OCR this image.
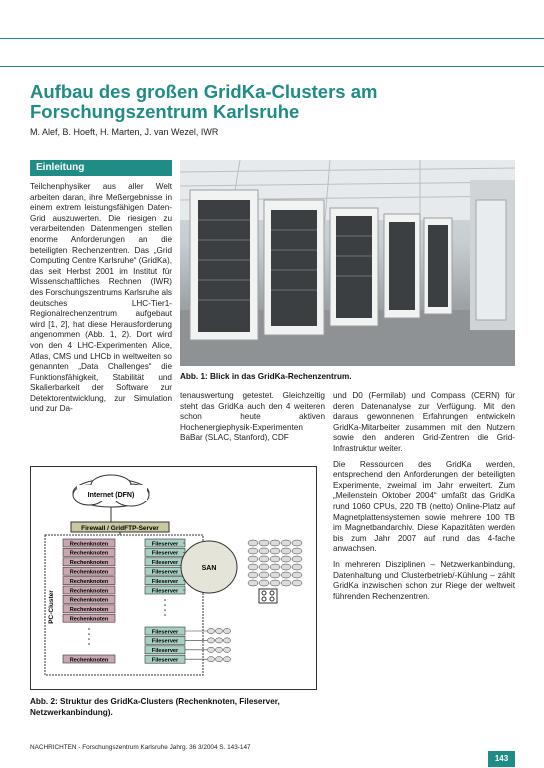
Aufbau des großen GridKa-Clusters am Forschungszentrum Karlsruhe
M. Alef, B. Hoeft, H. Marten, J. van Wezel, IWR
Einleitung

Teilchenphysiker aus aller Welt arbeiten daran, ihre Meßergebnisse in einem extrem leistungsfähigen Daten-Grid auszuwerten. Die riesigen zu verarbeitenden Datenmengen stellen enorme Anforderungen an die beteiligten Rechenzentren. Das „Grid Computing Centre Karlsruhe“ (GridKa), das seit Herbst 2001 im Institut für Wissenschaftliches Rechnen (IWR) des Forschungszentrums Karlsruhe als deutsches LHC-Tier1-Regionalrechenzentrum aufgebaut wird [1, 2], hat diese Herausforderung angenommen (Abb. 1, 2). Dort wird von den 4 LHC-Experimenten Alice, Atlas, CMS und LHCb in weltweiten so genannten „Data Challenges“ die Funktionsfähigkeit, Stabilität und Skalierbarkeit der Software zur Detektorentwicklung, zur Simulation und zur Da-

Abb. 1: Blick in das GridKa-Rechenzentrum.

tenauswertung getestet. Gleichzeitig steht das GridKa auch den 4 weiteren schon heute aktiven Hochenergiephysik-Experimenten BaBar (SLAC, Stanford), CDF

und D0 (Fermilab) und Compass (CERN) für deren Datenanalyse zur Verfügung. Mit den daraus gewonnenen Erfahrungen entwickeln GridKa-Mitarbeiter zusammen mit den Nutzern sowie den anderen Grid-Zentren die Grid-Infrastruktur weiter.

Die Ressourcen des GridKa werden, entsprechend den Anforderungen der beteiligten Experimente, zweimal im Jahr erweitert. Zum „Meilenstein Oktober 2004“ umfaßt das GridKa rund 1060 CPUs, 220 TB (netto) Online-Platz auf Magnetplattensystemen sowie mehrere 100 TB im Magnetbandarchiv. Diese Kapazitäten werden bis zum Jahr 2007 auf rund das 4-fache anwachsen.

In mehreren Disziplinen – Netzwerkanbindung, Datenhaltung und Clusterbetrieb/-Kühlung – zählt GridKa inzwischen schon zur Riege der weltweit führenden Rechenzentren.

Internet (DFN)
Firewall / GridFTP-Server
PC-Cluster
Rechenknoten
Rechenknoten
Rechenknoten
Rechenknoten
Rechenknoten
Rechenknoten
Rechenknoten
Rechenknoten
Rechenknoten
Rechenknoten
Fileserver
Fileserver
Fileserver
Fileserver
Fileserver
Fileserver
Fileserver
Fileserver
Fileserver
Fileserver
SAN

Abb. 2: Struktur des GridKa-Clusters (Rechenknoten, Fileserver, Netzwerkanbindung).

NACHRICHTEN - Forschungszentrum Karlsruhe Jahrg. 36 3/2004 S. 143-147
143
